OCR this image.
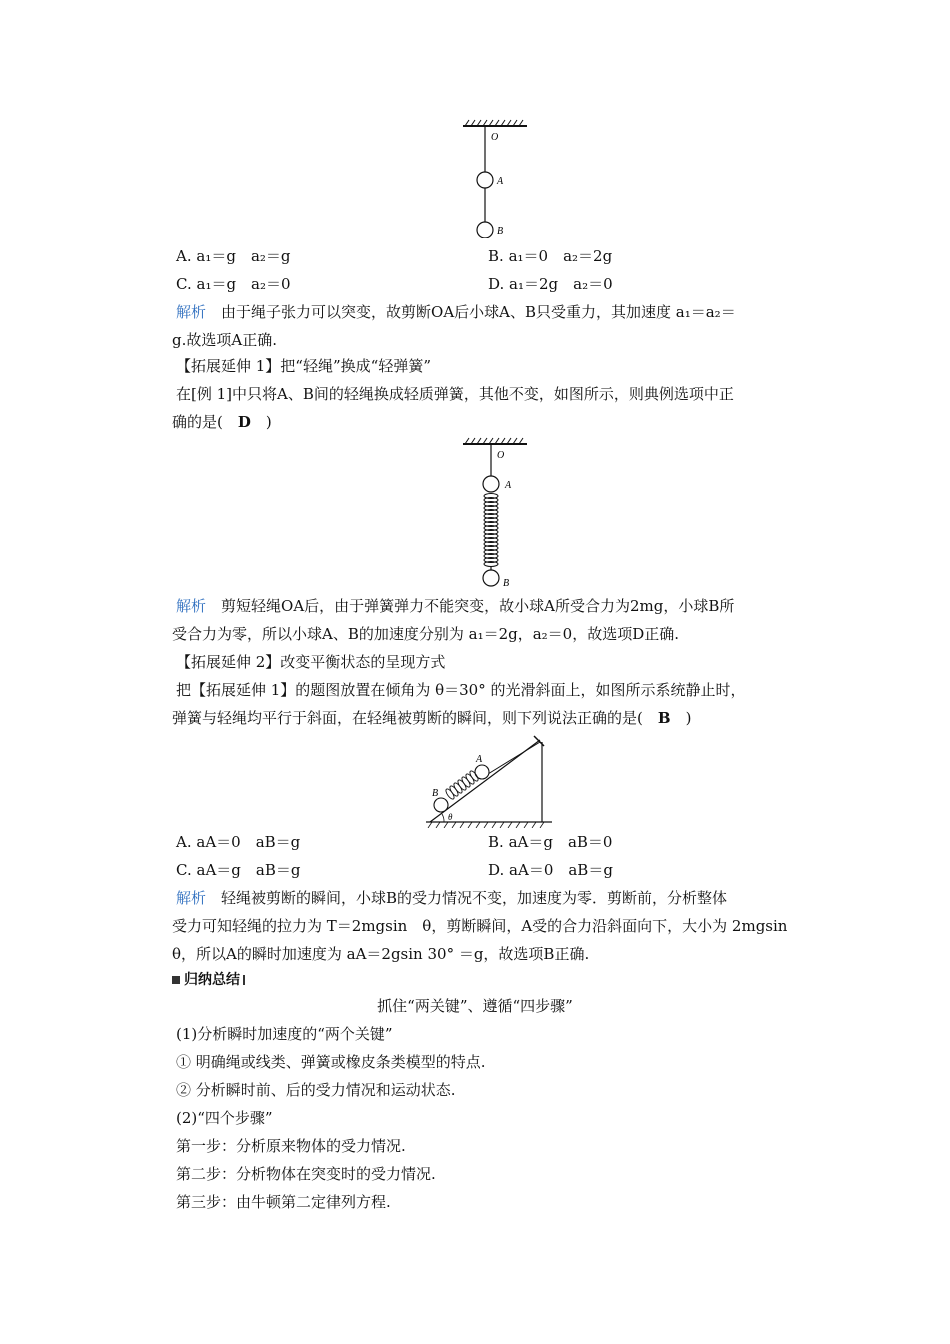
O
A
B
A. a₁＝g　a₂＝g	B. a₁＝0　a₂＝2g
C. a₁＝g　a₂＝0	D. a₁＝2g　a₂＝0
解析　 由于绳子张力可以突变，故剪断OA后小球A、B只受重力，其加速度 a₁＝a₂＝
g.故选项A正确.
【拓展延伸 1】把“轻绳”换成“轻弹簧”
在[例 1]中只将A、B间的轻绳换成轻质弹簧，其他不变，如图所示，则典例选项中正
确的是(　 D　 )
O
A
B
解析　 剪短轻绳OA后，由于弹簧弹力不能突变，故小球A所受合力为2mg，小球B所
受合力为零，所以小球A、B的加速度分别为 a₁＝2g，a₂＝0，故选项D正确.
【拓展延伸 2】改变平衡状态的呈现方式
把【拓展延伸 1】的题图放置在倾角为 θ＝30° 的光滑斜面上，如图所示系统静止时，
弹簧与轻绳均平行于斜面，在轻绳被剪断的瞬间，则下列说法正确的是(　 B　 )
A
B
θ
A. aA＝0　aB＝g	B. aA＝g　aB＝0
C. aA＝g　aB＝g	D. aA＝0　aB＝g
解析　 轻绳被剪断的瞬间，小球B的受力情况不变，加速度为零．剪断前，分析整体
受力可知轻绳的拉力为 T＝2mgsin　θ，剪断瞬间，A受的合力沿斜面向下，大小为 2mgsin
θ，所以A的瞬时加速度为 aA＝2gsin 30° ＝g，故选项B正确.
归纳总结
抓住“两关键”、遵循“四步骤”
(1)分析瞬时加速度的“两个关键”
① 明确绳或线类、弹簧或橡皮条类模型的特点.
② 分析瞬时前、后的受力情况和运动状态.
(2)“四个步骤”
第一步：分析原来物体的受力情况.
第二步：分析物体在突变时的受力情况.
第三步：由牛顿第二定律列方程.
